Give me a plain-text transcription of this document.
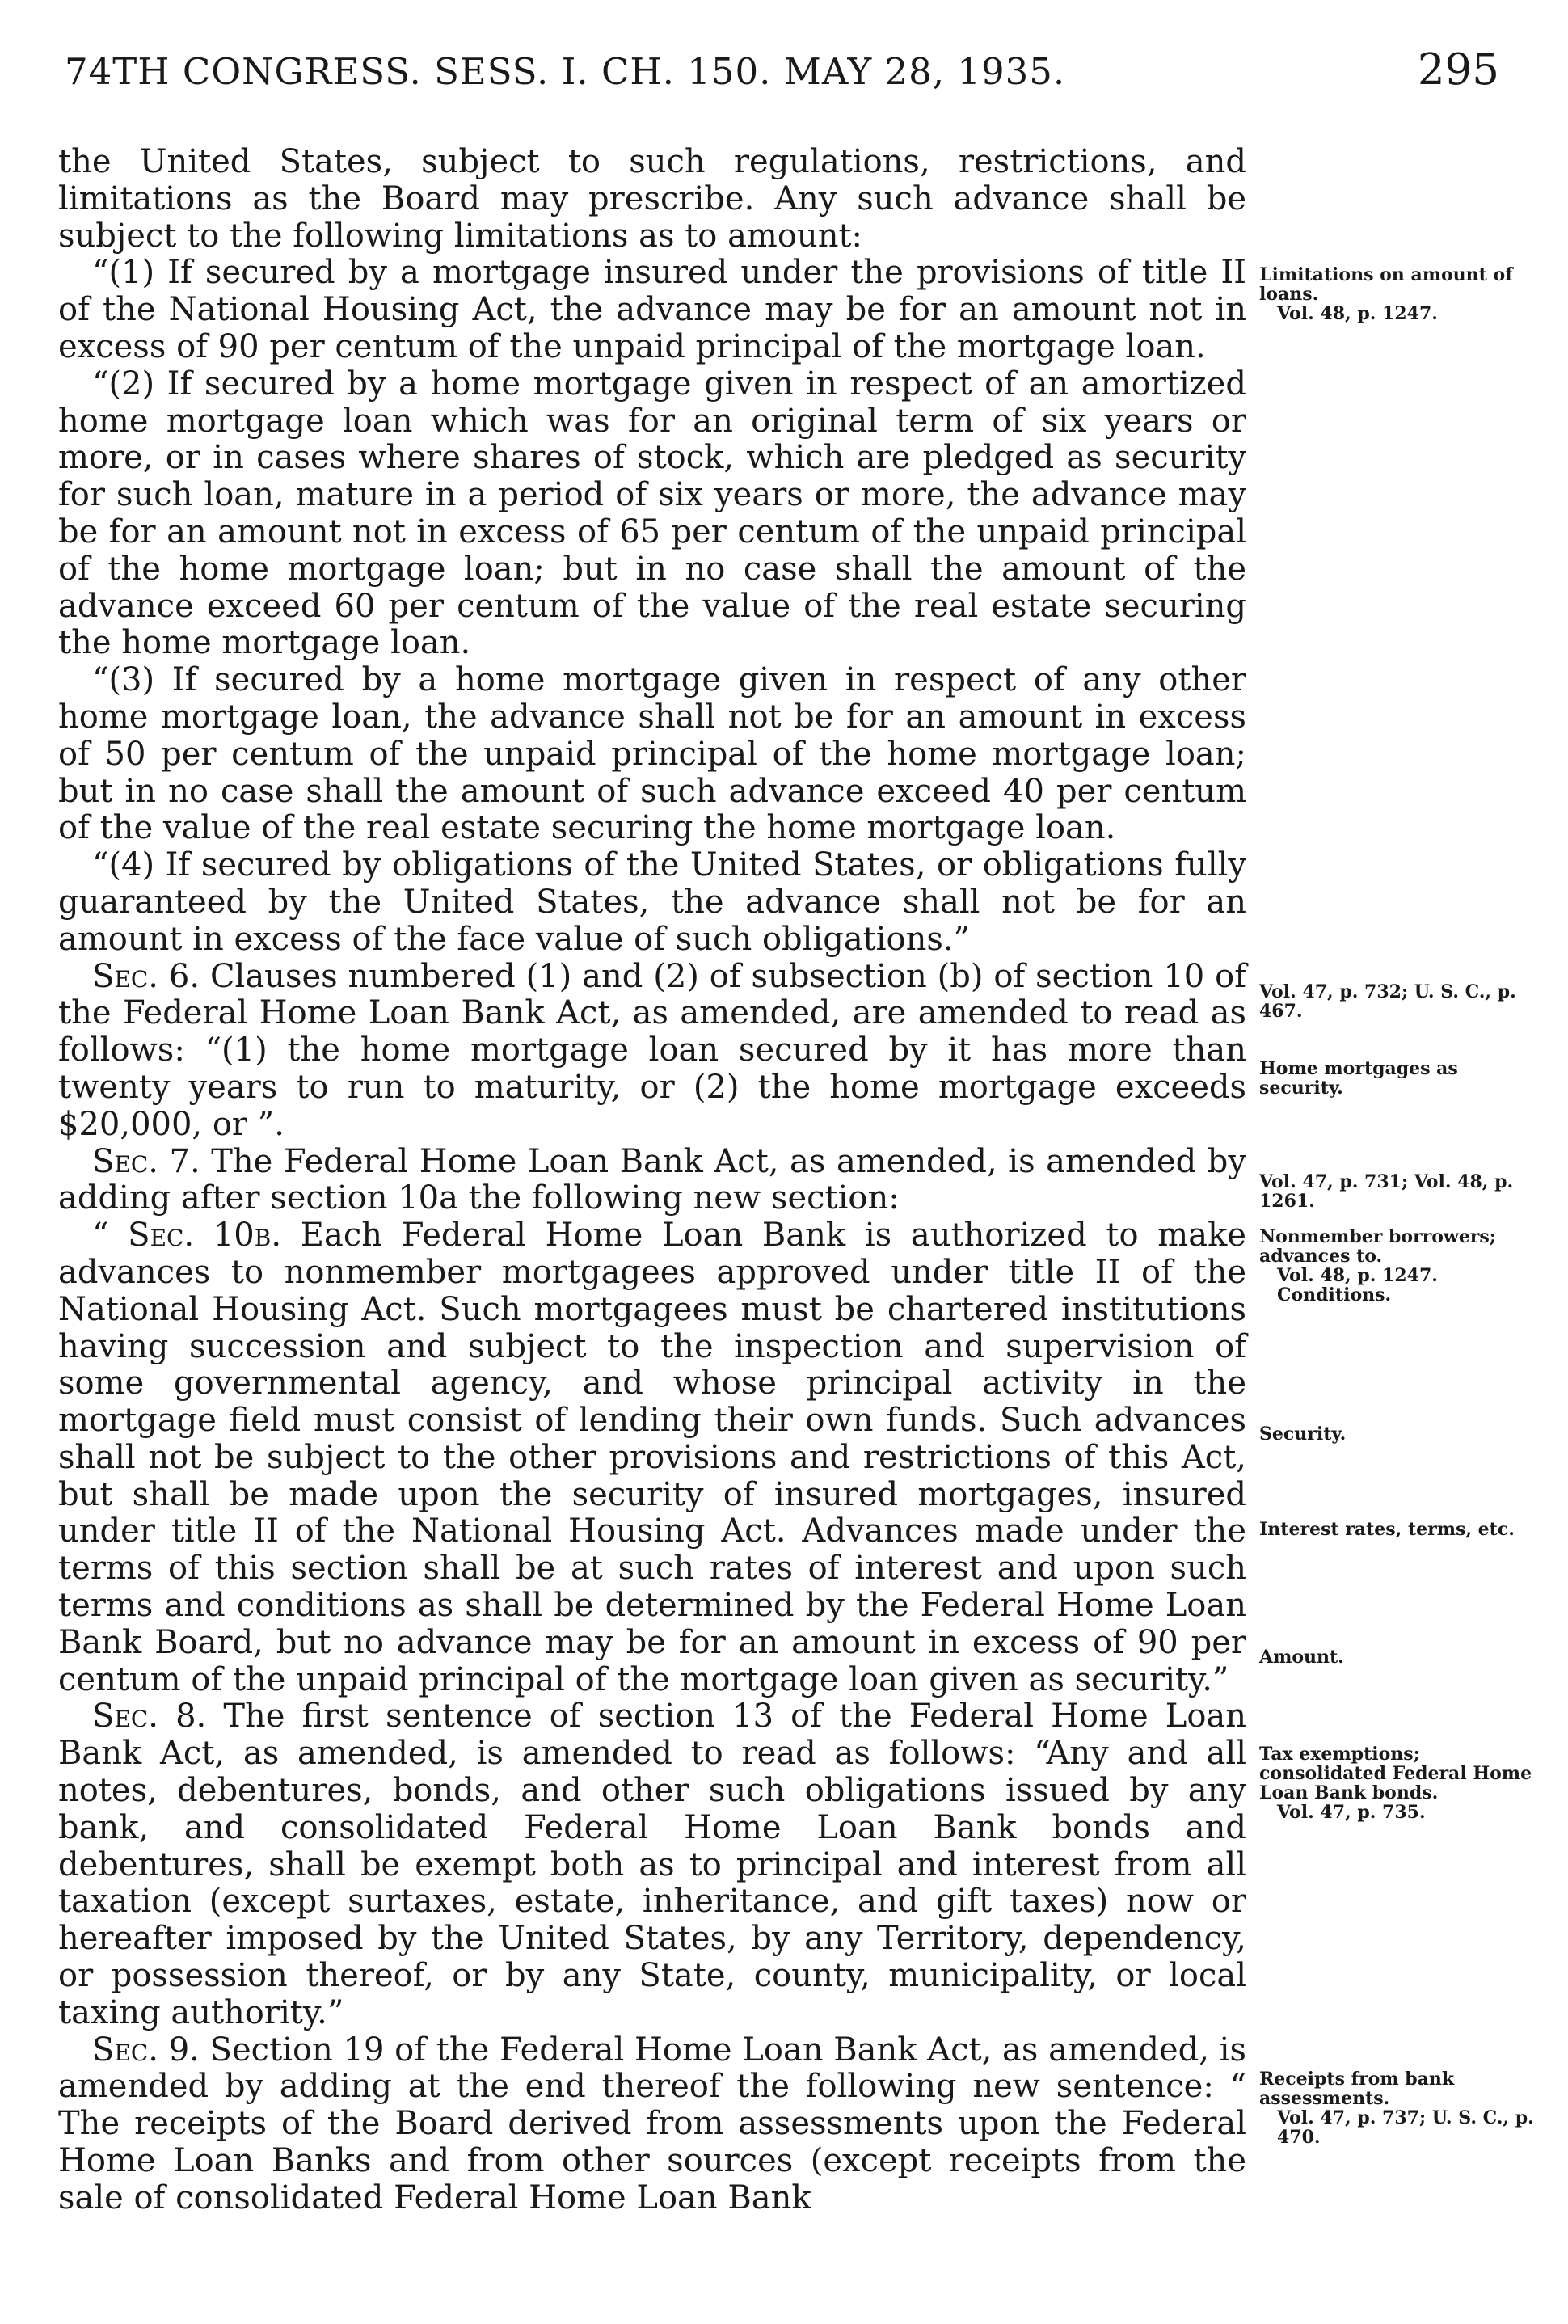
74TH CONGRESS. SESS. I. CH. 150. MAY 28, 1935.	295

the United States, subject to such regulations, restrictions, and limitations as the Board may prescribe. Any such advance shall be subject to the following limitations as to amount:

“(1) If secured by a mortgage insured under the provisions of title II of the National Housing Act, the advance may be for an amount not in excess of 90 per centum of the unpaid principal of the mortgage loan.

“(2) If secured by a home mortgage given in respect of an amortized home mortgage loan which was for an original term of six years or more, or in cases where shares of stock, which are pledged as security for such loan, mature in a period of six years or more, the advance may be for an amount not in excess of 65 per centum of the unpaid principal of the home mortgage loan; but in no case shall the amount of the advance exceed 60 per centum of the value of the real estate securing the home mortgage loan.

“(3) If secured by a home mortgage given in respect of any other home mortgage loan, the advance shall not be for an amount in excess of 50 per centum of the unpaid principal of the home mortgage loan; but in no case shall the amount of such advance exceed 40 per centum of the value of the real estate securing the home mortgage loan.

“(4) If secured by obligations of the United States, or obligations fully guaranteed by the United States, the advance shall not be for an amount in excess of the face value of such obligations.”

Sec. 6. Clauses numbered (1) and (2) of subsection (b) of section 10 of the Federal Home Loan Bank Act, as amended, are amended to read as follows: “(1) the home mortgage loan secured by it has more than twenty years to run to maturity, or (2) the home mortgage exceeds $20,000, or ”.

Sec. 7. The Federal Home Loan Bank Act, as amended, is amended by adding after section 10a the following new section:

“ Sec. 10b. Each Federal Home Loan Bank is authorized to make advances to nonmember mortgagees approved under title II of the National Housing Act. Such mortgagees must be chartered institutions having succession and subject to the inspection and supervision of some governmental agency, and whose principal activity in the mortgage field must consist of lending their own funds. Such advances shall not be subject to the other provisions and restrictions of this Act, but shall be made upon the security of insured mortgages, insured under title II of the National Housing Act. Advances made under the terms of this section shall be at such rates of interest and upon such terms and conditions as shall be determined by the Federal Home Loan Bank Board, but no advance may be for an amount in excess of 90 per centum of the unpaid principal of the mortgage loan given as security.”

Sec. 8. The first sentence of section 13 of the Federal Home Loan Bank Act, as amended, is amended to read as follows: “Any and all notes, debentures, bonds, and other such obligations issued by any bank, and consolidated Federal Home Loan Bank bonds and debentures, shall be exempt both as to principal and interest from all taxation (except surtaxes, estate, inheritance, and gift taxes) now or hereafter imposed by the United States, by any Territory, dependency, or possession thereof, or by any State, county, municipality, or local taxing authority.”

Sec. 9. Section 19 of the Federal Home Loan Bank Act, as amended, is amended by adding at the end thereof the following new sentence: “ The receipts of the Board derived from assessments upon the Federal Home Loan Banks and from other sources (except receipts from the sale of consolidated Federal Home Loan Bank

Limitations on amount of loans.
Vol. 48, p. 1247.
Vol. 47, p. 732; U. S. C., p. 467.
Home mortgages as security.
Vol. 47, p. 731; Vol. 48, p. 1261.
Nonmember borrowers; advances to.
Vol. 48, p. 1247.
Conditions.
Security.
Interest rates, terms, etc.
Amount.
Tax exemptions; consolidated Federal Home Loan Bank bonds.
Vol. 47, p. 735.
Receipts from bank assessments.
Vol. 47, p. 737; U. S. C., p. 470.
